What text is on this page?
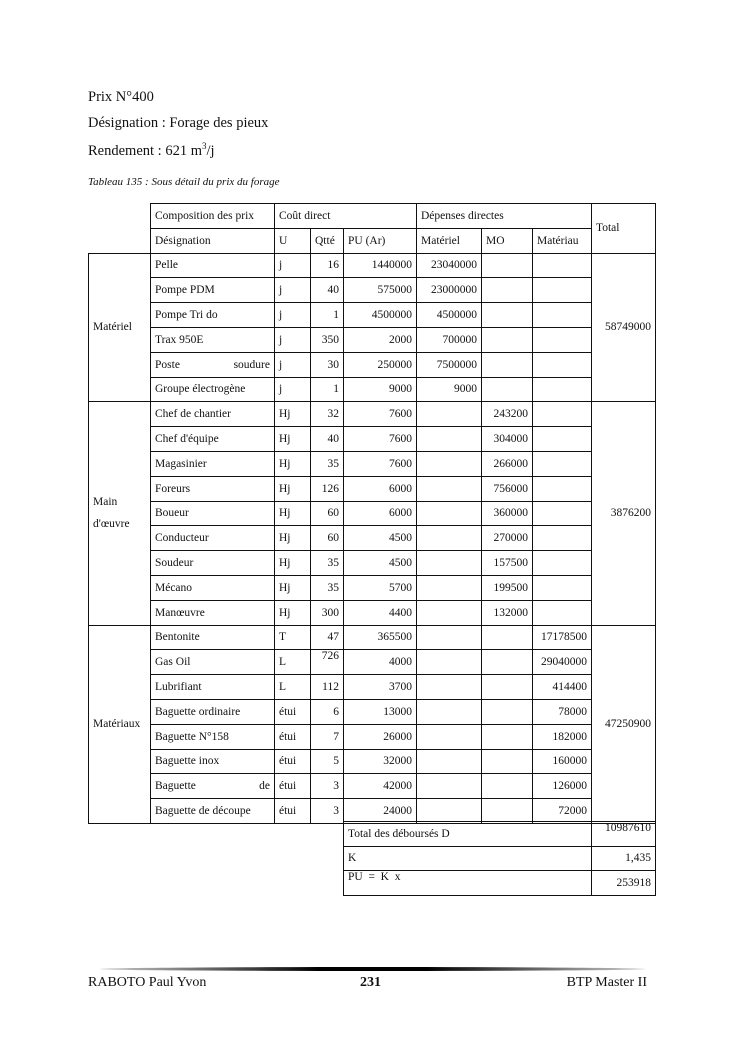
Prix N°400
Désignation : Forage des pieux
Rendement : 621 $m^3/j$
Tableau 135 : Sous détail du prix du forage
	Composition des prix	Coût direct			Dépenses directes			Total
	Désignation	U	Qtté	PU (Ar)	Matériel	MO	Matériau	
Matériel	Pelle	j	16	1440000	23040000			58749000
	Pompe PDM	j	40	575000	23000000			
	Pompe Tri do	j	1	4500000	4500000			
	Trax 950E	j	350	2000	700000			

	Poste soudure	j	30	250000	7500000			
	Groupe électrogène	j	1	9000	9000			

Main
d'œuvre	Chef de chantier	Hj	32	7600		243200		3876200
	Chef d'équipe	Hj	40	7600		304000		
	Magasinier	Hj	35	7600		266000		
	Foreurs	Hj	126	6000		756000		
	Boueur	Hj	60	6000		360000		
	Conducteur	Hj	60	4500		270000		
	Soudeur	Hj	35	4500		157500		
	Mécano	Hj	35	5700		199500		
	Manœuvre	Hj	300	4400		132000		
Matériaux	Bentonite	T	47	365500			17178500	47250900
	Gas Oil	L	726	4000			29040000	
	Lubrifiant	L	112	3700			414400	
	Baguette ordinaire	étui	6	13000			78000	
	Baguette N°158	étui	7	26000			182000	
	Baguette inox	étui	5	32000			160000	

	Baguette de	étui	3	42000			126000	
	Baguette de découpe	étui	3	24000			72000	
Total des déboursés D	10987610
K	1,435
PU  =  K  x	253918
RABOTO Paul Yvon	231	BTP Master II
